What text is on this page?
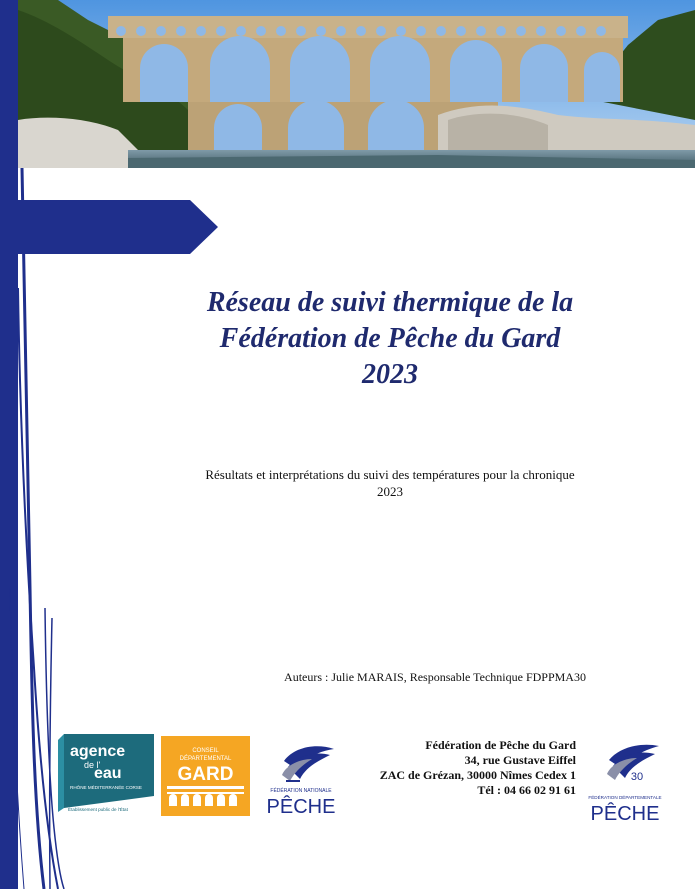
Réseau de suivi thermique de la
Fédération de Pêche du Gard
2023
Résultats et interprétations du suivi des températures pour la chronique
2023
Auteurs : Julie MARAIS, Responsable Technique FDPPMA30
agence
de l'
eau
RHÔNE MÉDITERRANÉE CORSE
Établissement public de l'État
CONSEIL
DÉPARTEMENTAL
GARD
FÉDÉRATION NATIONALE
PÊCHE
Fédération de Pêche du Gard
34, rue Gustave Eiffel
ZAC de Grézan, 30000 Nîmes Cedex 1
Tél : 04 66 02 91 61
30
FÉDÉRATION DÉPARTEMENTALE
PÊCHE
